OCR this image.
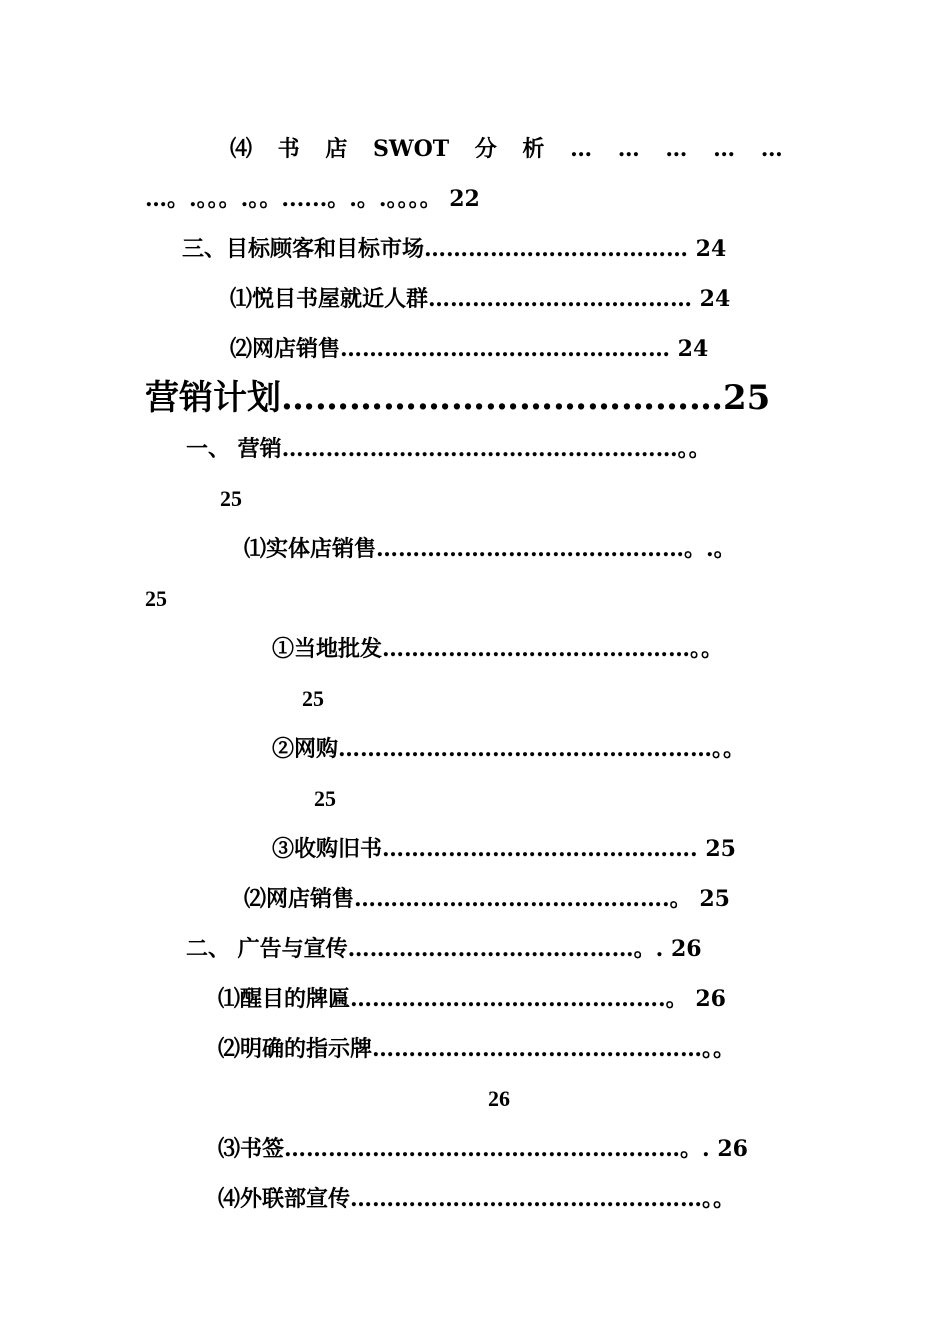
⑷ 书 店 SWOT 分 析 … … … … …
…。.。。。.。。......。.。.。。。。 22
三、目标顾客和目标市场……………………………… 24
⑴悦目书屋就近人群……………………………… 24
⑵网店销售……………………………………… 24
营销计划…………………………………25
一、 营销………………………………………………。。
25
⑴实体店销售……………………………………。.。
25
①当地批发……………………………………。。
25
②网购……………………………………………。。
25
③收购旧书……………………………………. 25
⑵网店销售…………………………………….。 25
二、 广告与宣传…………………………………。. 26
⑴醒目的牌匾…………………………………….。 26
⑵明确的指示牌………………………………………。。
26
⑶书签………………………………………………。. 26
⑷外联部宣传…………………………………………。。
